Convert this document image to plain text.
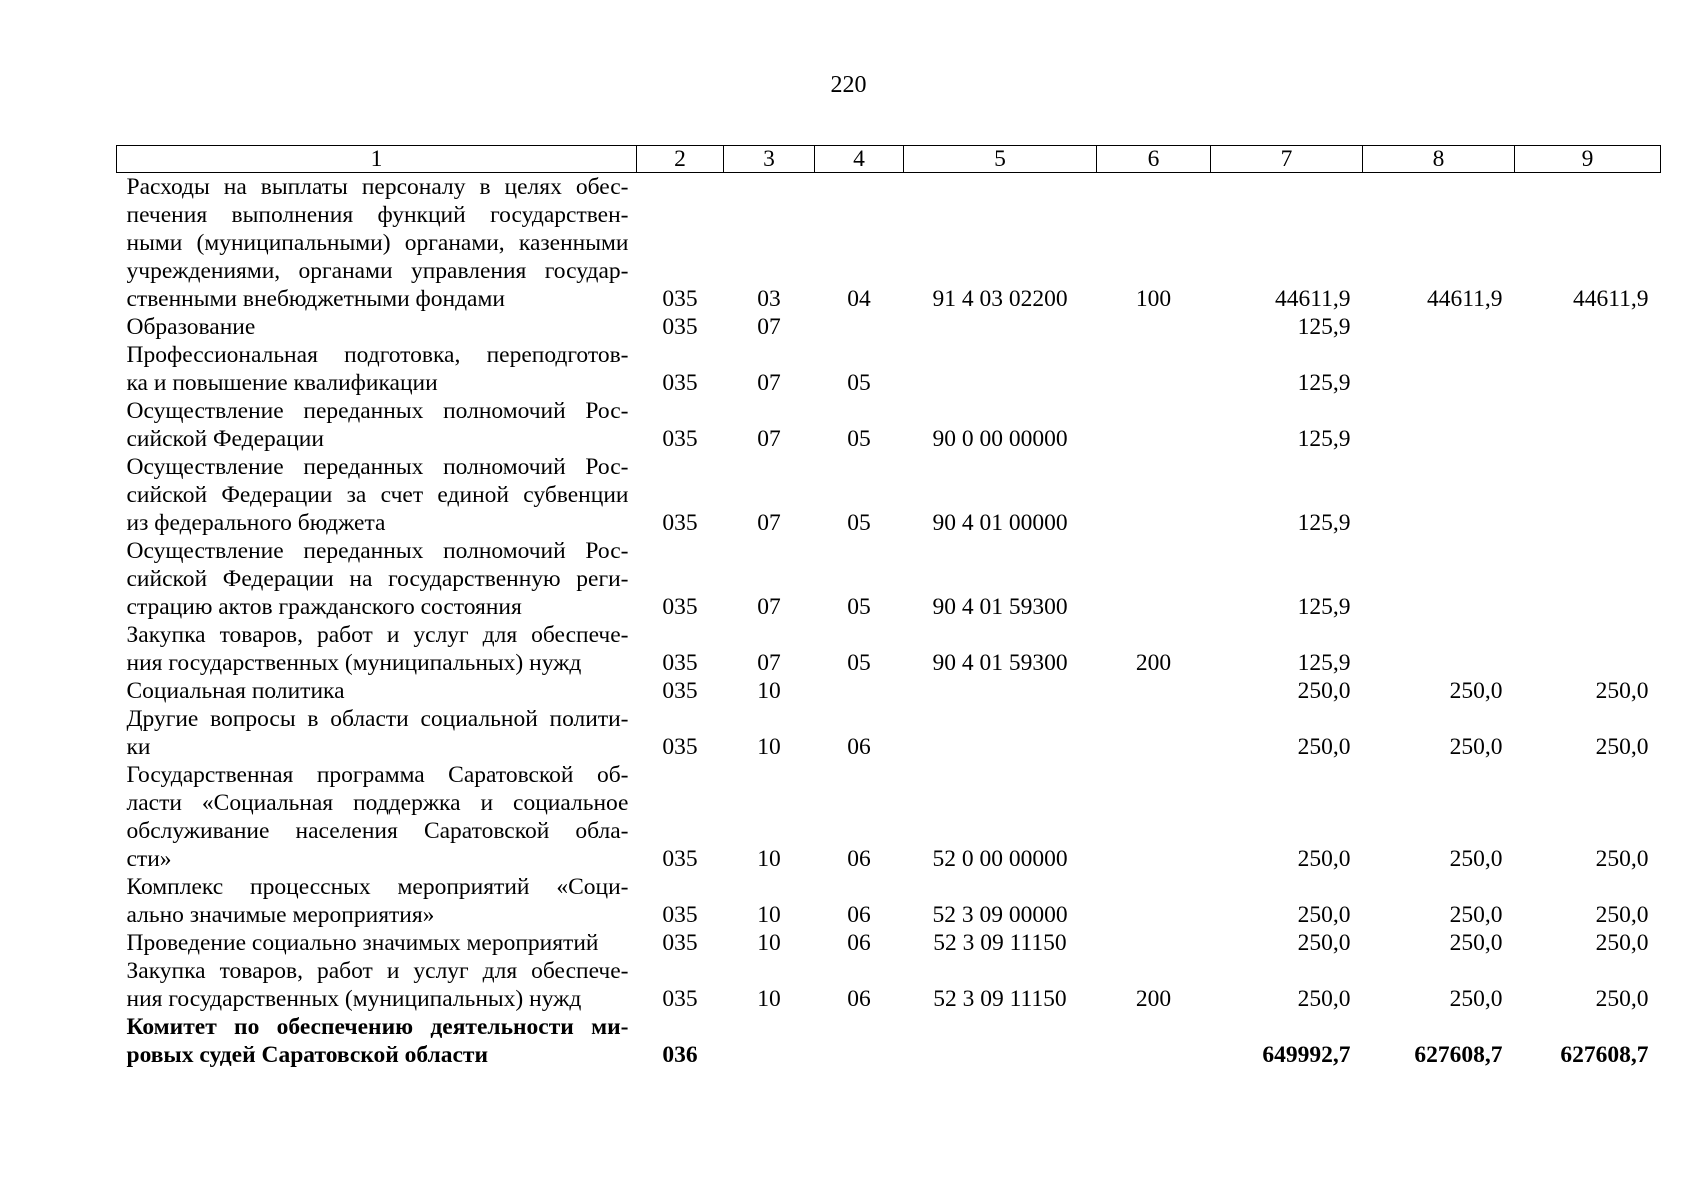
220
1	2	3	4	5	6	7	8	9

Расходы на выплаты персоналу в целях обес-
печения выполнения функций государствен-
ными (муниципальными) органами, казенными
учреждениями, органами управления государ-
ственными внебюджетными фондами	035	03	04	91 4 03 02200	100	44611,9	44611,9	44611,9

Образование	035	07				125,9		

Профессиональная подготовка, переподготов-
ка и повышение квалификации	035	07	05			125,9		

Осуществление переданных полномочий Рос-
сийской Федерации	035	07	05	90 0 00 00000		125,9		

Осуществление переданных полномочий Рос-
сийской Федерации за счет единой субвенции
из федерального бюджета	035	07	05	90 4 01 00000		125,9		

Осуществление переданных полномочий Рос-
сийской Федерации на государственную реги-
страцию актов гражданского состояния	035	07	05	90 4 01 59300		125,9		

Закупка товаров, работ и услуг для обеспече-
ния государственных (муниципальных) нужд	035	07	05	90 4 01 59300	200	125,9		

Социальная политика	035	10				250,0	250,0	250,0

Другие вопросы в области социальной полити-
ки	035	10	06			250,0	250,0	250,0

Государственная программа Саратовской об-
ласти «Социальная поддержка и социальное
обслуживание населения Саратовской обла-
сти»	035	10	06	52 0 00 00000		250,0	250,0	250,0

Комплекс процессных мероприятий «Соци-
ально значимые мероприятия»	035	10	06	52 3 09 00000		250,0	250,0	250,0

Проведение социально значимых мероприятий	035	10	06	52 3 09 11150		250,0	250,0	250,0

Закупка товаров, работ и услуг для обеспече-
ния государственных (муниципальных) нужд	035	10	06	52 3 09 11150	200	250,0	250,0	250,0

Комитет по обеспечению деятельности ми-
ровых судей Саратовской области	036					649992,7	627608,7	627608,7
